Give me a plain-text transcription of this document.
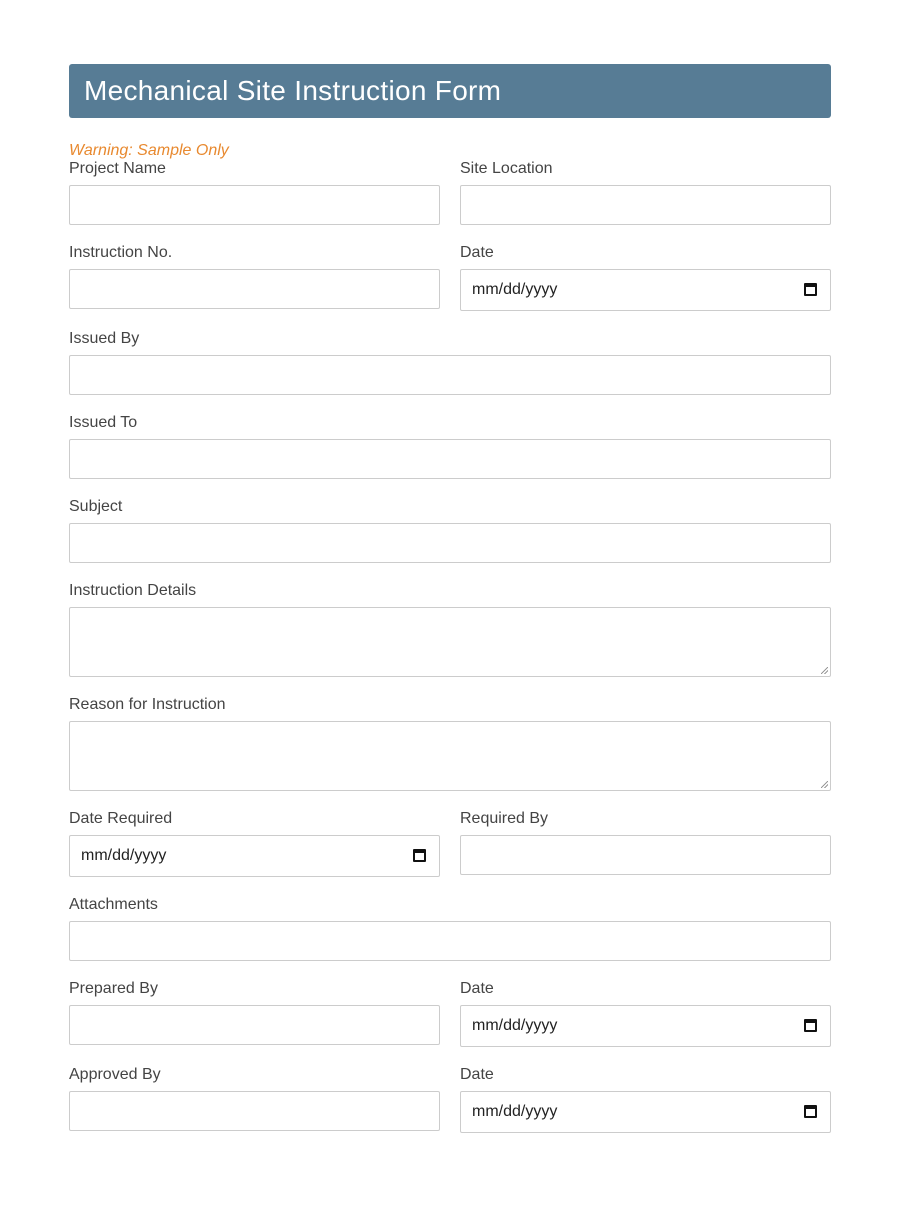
Mechanical Site Instruction Form
Warning: Sample Only
Project Name	Site Location
Instruction No.	Date
mm/dd/yyyy
Issued By
Issued To
Subject
Instruction Details
Reason for Instruction
Date Required
mm/dd/yyyy
Required By
Attachments
Prepared By	Date
mm/dd/yyyy
Approved By	Date
mm/dd/yyyy
